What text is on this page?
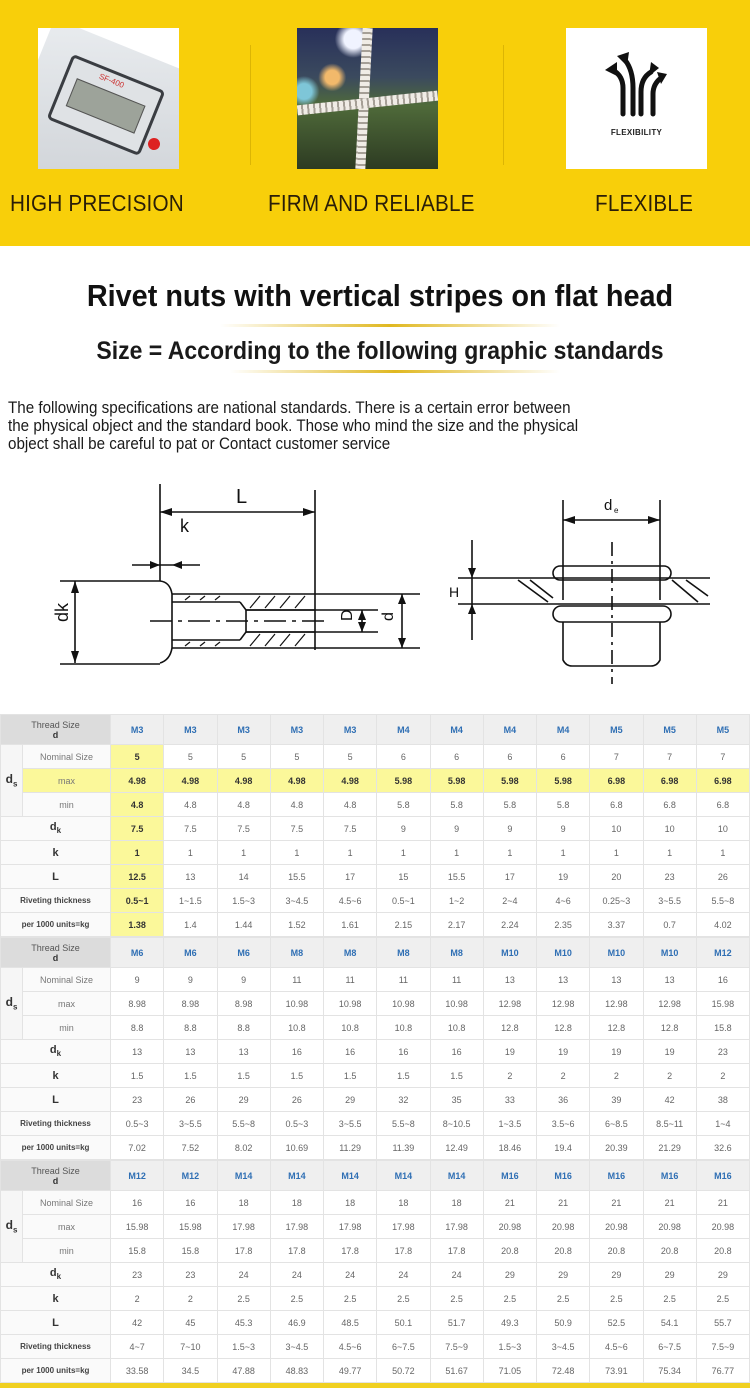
SF-400
FLEXIBILITY
HIGH PRECISION	FIRM AND RELIABLE	FLEXIBLE
Rivet nuts with vertical stripes on flat head
Size = According to the following graphic standards

The following specifications are national standards. There is a certain error between
the physical object and the standard book. Those who mind the size and the physical
object shall be careful to pat or Contact customer service

L
k
dk	D d
d e
H
Thread Size
d		M3	M3	M3	M3	M3	M4	M4	M4	M4	M5	M5	M5
$d_s$	Nominal Size	5	5	5	5	5	6	6	6	6	7	7	7
	max	4.98	4.98	4.98	4.98	4.98	5.98	5.98	5.98	5.98	6.98	6.98	6.98
	min	4.8	4.8	4.8	4.8	4.8	5.8	5.8	5.8	5.8	6.8	6.8	6.8
$d_k$		7.5	7.5	7.5	7.5	7.5	9	9	9	9	10	10	10
k		1	1	1	1	1	1	1	1	1	1	1	1
L		12.5	13	14	15.5	17	15	15.5	17	19	20	23	26
Riveting thickness		0.5~1	1~1.5	1.5~3	3~4.5	4.5~6	0.5~1	1~2	2~4	4~6	0.25~3	3~5.5	5.5~8
per 1000 units=kg		1.38	1.4	1.44	1.52	1.61	2.15	2.17	2.24	2.35	3.37	0.7	4.02
Thread Size
d		M6	M6	M6	M8	M8	M8	M8	M10	M10	M10	M10	M12
$d_s$	Nominal Size	9	9	9	11	11	11	11	13	13	13	13	16
	max	8.98	8.98	8.98	10.98	10.98	10.98	10.98	12.98	12.98	12.98	12.98	15.98
	min	8.8	8.8	8.8	10.8	10.8	10.8	10.8	12.8	12.8	12.8	12.8	15.8
$d_k$		13	13	13	16	16	16	16	19	19	19	19	23
k		1.5	1.5	1.5	1.5	1.5	1.5	1.5	2	2	2	2	2
L		23	26	29	26	29	32	35	33	36	39	42	38
Riveting thickness		0.5~3	3~5.5	5.5~8	0.5~3	3~5.5	5.5~8	8~10.5	1~3.5	3.5~6	6~8.5	8.5~11	1~4
per 1000 units=kg		7.02	7.52	8.02	10.69	11.29	11.39	12.49	18.46	19.4	20.39	21.29	32.6
Thread Size
d		M12	M12	M14	M14	M14	M14	M14	M16	M16	M16	M16	M16
$d_s$	Nominal Size	16	16	18	18	18	18	18	21	21	21	21	21
	max	15.98	15.98	17.98	17.98	17.98	17.98	17.98	20.98	20.98	20.98	20.98	20.98
	min	15.8	15.8	17.8	17.8	17.8	17.8	17.8	20.8	20.8	20.8	20.8	20.8
$d_k$		23	23	24	24	24	24	24	29	29	29	29	29
k		2	2	2.5	2.5	2.5	2.5	2.5	2.5	2.5	2.5	2.5	2.5
L		42	45	45.3	46.9	48.5	50.1	51.7	49.3	50.9	52.5	54.1	55.7
Riveting thickness		4~7	7~10	1.5~3	3~4.5	4.5~6	6~7.5	7.5~9	1.5~3	3~4.5	4.5~6	6~7.5	7.5~9
per 1000 units=kg		33.58	34.5	47.88	48.83	49.77	50.72	51.67	71.05	72.48	73.91	75.34	76.77
